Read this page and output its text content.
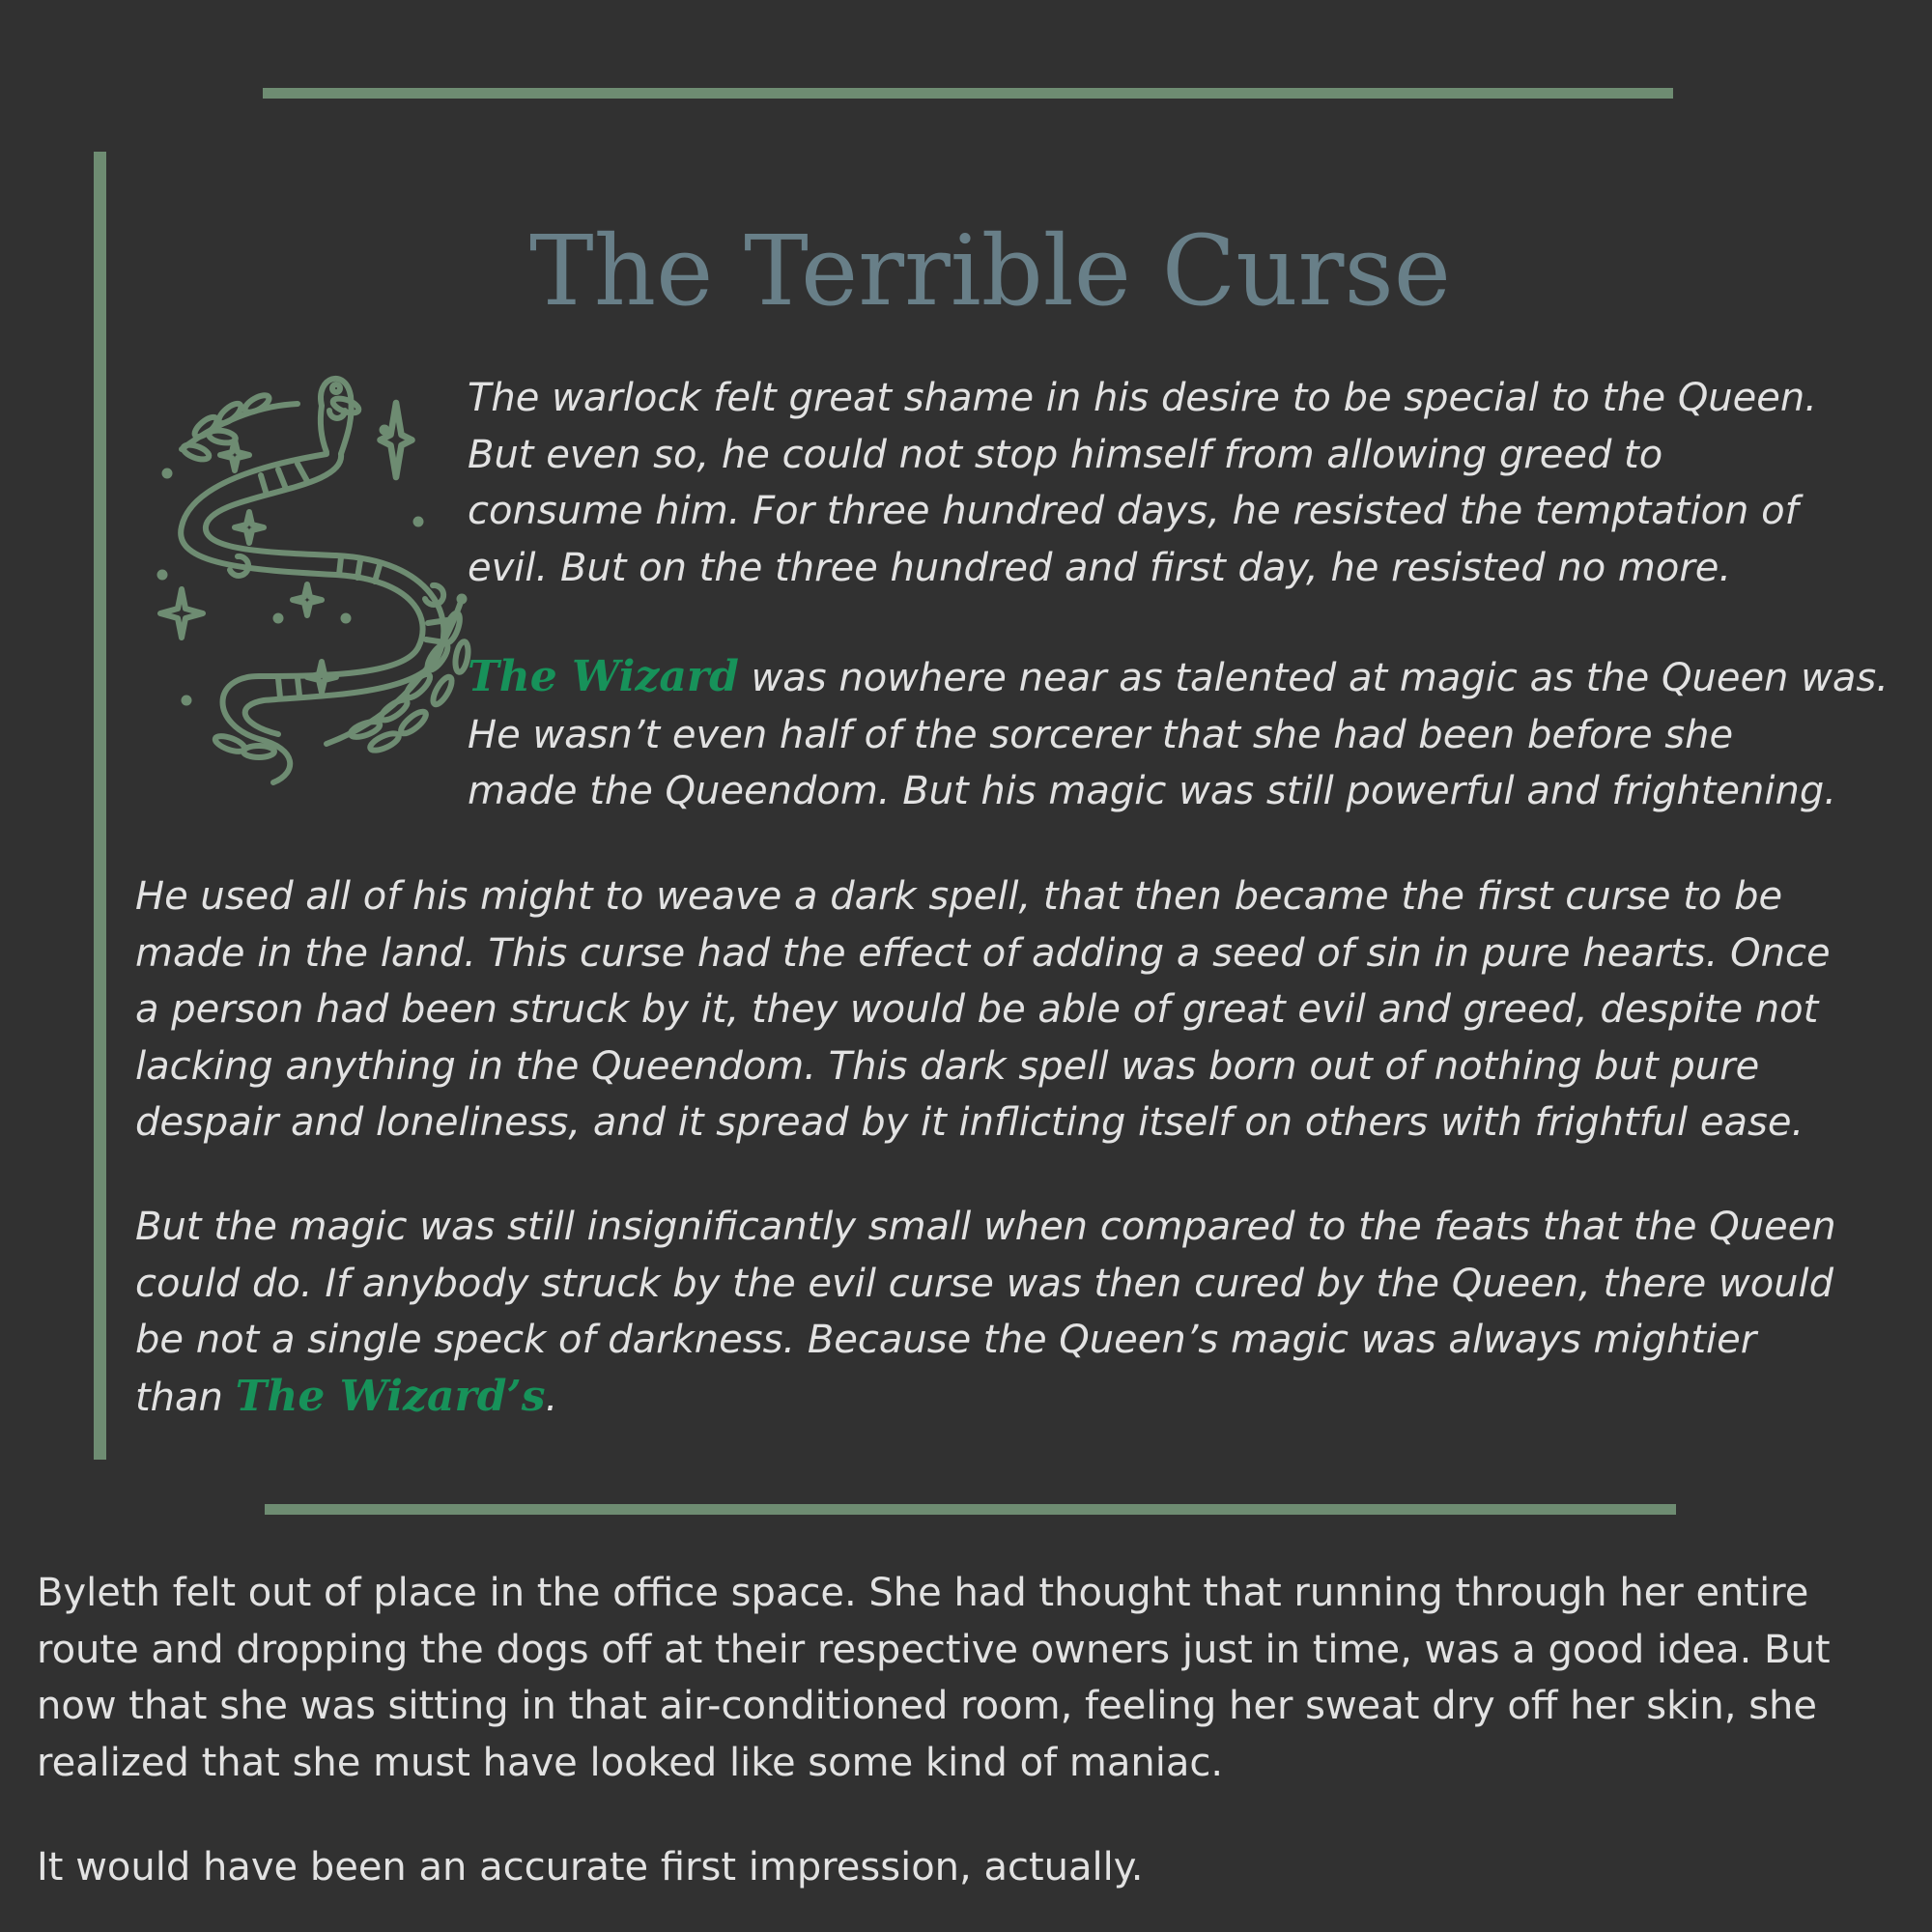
The Terrible Curse

The warlock felt great shame in his desire to be special to the Queen.
But even so, he could not stop himself from allowing greed to
consume him. For three hundred days, he resisted the temptation of
evil. But on the three hundred and first day, he resisted no more.

The Wizard was nowhere near as talented at magic as the Queen was.
He wasn’t even half of the sorcerer that she had been before she
made the Queendom. But his magic was still powerful and frightening.

He used all of his might to weave a dark spell, that then became the first curse to be
made in the land. This curse had the effect of adding a seed of sin in pure hearts. Once
a person had been struck by it, they would be able of great evil and greed, despite not
lacking anything in the Queendom. This dark spell was born out of nothing but pure
despair and loneliness, and it spread by it inflicting itself on others with frightful ease.

But the magic was still insignificantly small when compared to the feats that the Queen
could do. If anybody struck by the evil curse was then cured by the Queen, there would
be not a single speck of darkness. Because the Queen’s magic was always mightier
than The Wizard’s.

Byleth felt out of place in the office space. She had thought that running through her entire
route and dropping the dogs off at their respective owners just in time, was a good idea. But
now that she was sitting in that air-conditioned room, feeling her sweat dry off her skin, she
realized that she must have looked like some kind of maniac.

It would have been an accurate first impression, actually.
